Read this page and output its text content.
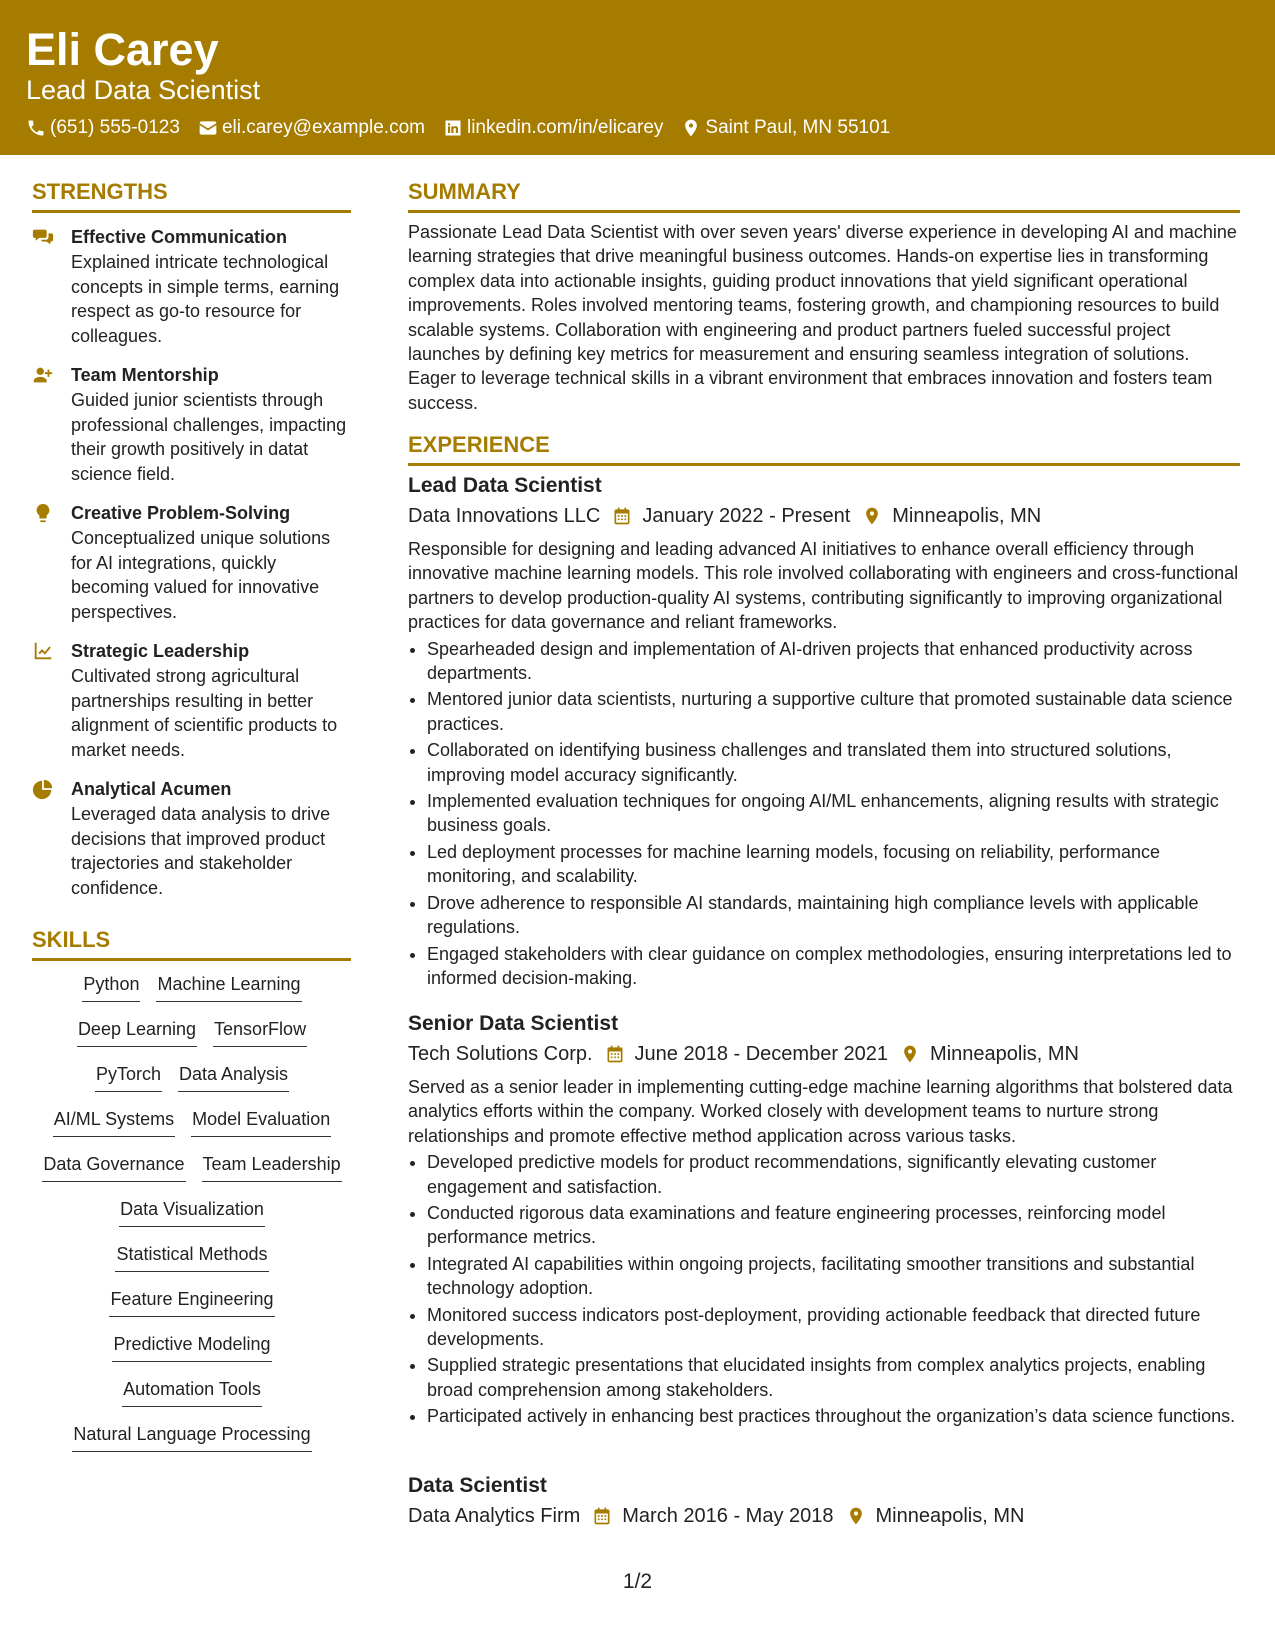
Eli Carey
Lead Data Scientist
(651) 555-0123 eli.carey@example.com linkedin.com/in/elicarey Saint Paul, MN 55101
STRENGTHS
Effective Communication
Explained intricate technological concepts in simple terms, earning respect as go-to resource for colleagues.
Team Mentorship
Guided junior scientists through professional challenges, impacting their growth positively in datat science field.
Creative Problem-Solving
Conceptualized unique solutions for AI integrations, quickly becoming valued for innovative perspectives.
Strategic Leadership
Cultivated strong agricultural partnerships resulting in better alignment of scientific products to market needs.
Analytical Acumen
Leveraged data analysis to drive decisions that improved product trajectories and stakeholder confidence.
SKILLS
Python Machine Learning
Deep Learning TensorFlow
PyTorch Data Analysis
AI/ML Systems Model Evaluation
Data Governance Team Leadership
Data Visualization
Statistical Methods
Feature Engineering
Predictive Modeling
Automation Tools
Natural Language Processing
SUMMARY
Passionate Lead Data Scientist with over seven years' diverse experience in developing AI and machine learning strategies that drive meaningful business outcomes. Hands-on expertise lies in transforming complex data into actionable insights, guiding product innovations that yield significant operational improvements. Roles involved mentoring teams, fostering growth, and championing resources to build scalable systems. Collaboration with engineering and product partners fueled successful project launches by defining key metrics for measurement and ensuring seamless integration of solutions. Eager to leverage technical skills in a vibrant environment that embraces innovation and fosters team success.
EXPERIENCE
Lead Data Scientist
Data Innovations LLC January 2022 - Present Minneapolis, MN
Responsible for designing and leading advanced AI initiatives to enhance overall efficiency through innovative machine learning models. This role involved collaborating with engineers and cross-functional partners to develop production-quality AI systems, contributing significantly to improving organizational practices for data governance and reliant frameworks.
• Spearheaded design and implementation of AI-driven projects that enhanced productivity across departments.
• Mentored junior data scientists, nurturing a supportive culture that promoted sustainable data science practices.
• Collaborated on identifying business challenges and translated them into structured solutions, improving model accuracy significantly.
• Implemented evaluation techniques for ongoing AI/ML enhancements, aligning results with strategic business goals.
• Led deployment processes for machine learning models, focusing on reliability, performance monitoring, and scalability.
• Drove adherence to responsible AI standards, maintaining high compliance levels with applicable regulations.
• Engaged stakeholders with clear guidance on complex methodologies, ensuring interpretations led to informed decision-making.
Senior Data Scientist
Tech Solutions Corp. June 2018 - December 2021 Minneapolis, MN
Served as a senior leader in implementing cutting-edge machine learning algorithms that bolstered data analytics efforts within the company. Worked closely with development teams to nurture strong relationships and promote effective method application across various tasks.
• Developed predictive models for product recommendations, significantly elevating customer engagement and satisfaction.
• Conducted rigorous data examinations and feature engineering processes, reinforcing model performance metrics.
• Integrated AI capabilities within ongoing projects, facilitating smoother transitions and substantial technology adoption.
• Monitored success indicators post-deployment, providing actionable feedback that directed future developments.
• Supplied strategic presentations that elucidated insights from complex analytics projects, enabling broad comprehension among stakeholders.
• Participated actively in enhancing best practices throughout the organization’s data science functions.
Data Scientist
Data Analytics Firm March 2016 - May 2018 Minneapolis, MN
1/2
